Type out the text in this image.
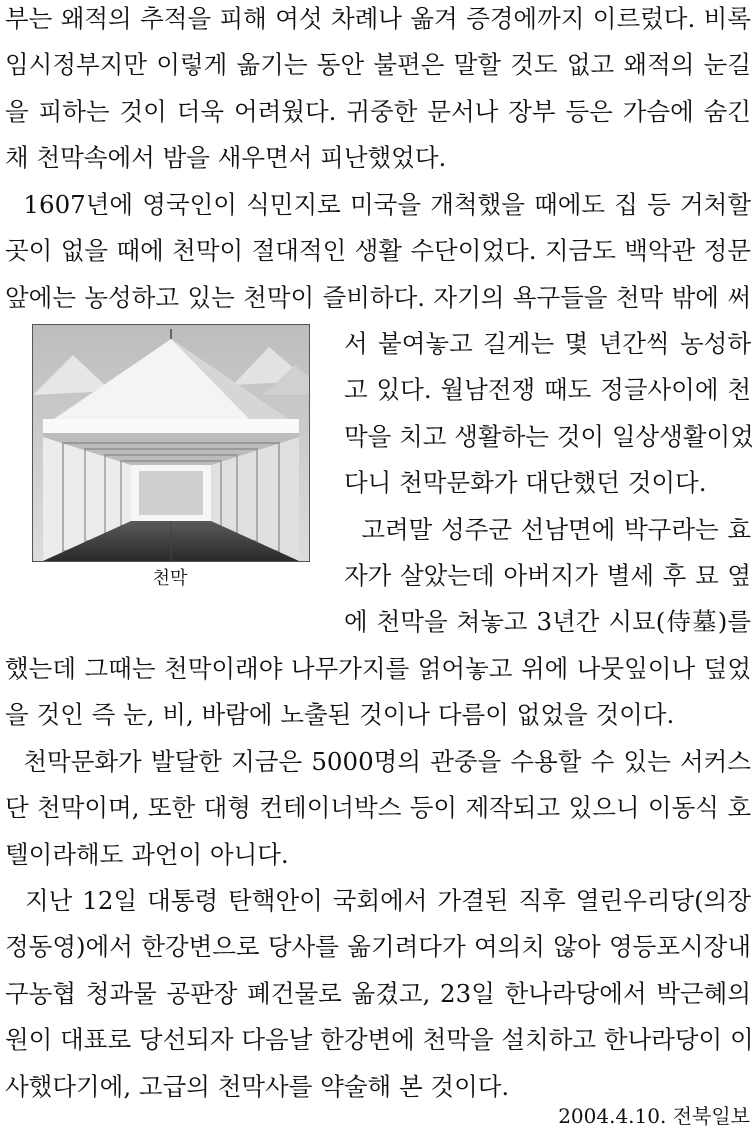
부는 왜적의 추적을 피해 여섯 차례나 옮겨 증경에까지 이르렀다. 비록
임시정부지만 이렇게 옮기는 동안 불편은 말할 것도 없고 왜적의 눈길
을 피하는 것이 더욱 어려웠다. 귀중한 문서나 장부 등은 가슴에 숨긴
채 천막속에서 밤을 새우면서 피난했었다.
1607년에 영국인이 식민지로 미국을 개척했을 때에도 집 등 거처할
곳이 없을 때에 천막이 절대적인 생활 수단이었다. 지금도 백악관 정문
앞에는 농성하고 있는 천막이 즐비하다. 자기의 욕구들을 천막 밖에 써
서 붙여놓고 길게는 몇 년간씩 농성하
고 있다. 월남전쟁 때도 정글사이에 천
막을 치고 생활하는 것이 일상생활이었
다니 천막문화가 대단했던 것이다.
고려말 성주군 선남면에 박구라는 효
자가 살았는데 아버지가 별세 후 묘 옆
에 천막을 쳐놓고 3년간 시묘(侍墓)를
했는데 그때는 천막이래야 나무가지를 얽어놓고 위에 나뭇잎이나 덮었
을 것인 즉 눈, 비, 바람에 노출된 것이나 다름이 없었을 것이다.
천막문화가 발달한 지금은 5000명의 관중을 수용할 수 있는 서커스
단 천막이며, 또한 대형 컨테이너박스 등이 제작되고 있으니 이동식 호
텔이라해도 과언이 아니다.
지난 12일 대통령 탄핵안이 국회에서 가결된 직후 열린우리당(의장
정동영)에서 한강변으로 당사를 옮기려다가 여의치 않아 영등포시장내
구농협 청과물 공판장 폐건물로 옮겼고, 23일 한나라당에서 박근혜의
원이 대표로 당선되자 다음날 한강변에 천막을 설치하고 한나라당이 이
사했다기에, 고급의 천막사를 약술해 본 것이다.
천막
2004.4.10. 전북일보
